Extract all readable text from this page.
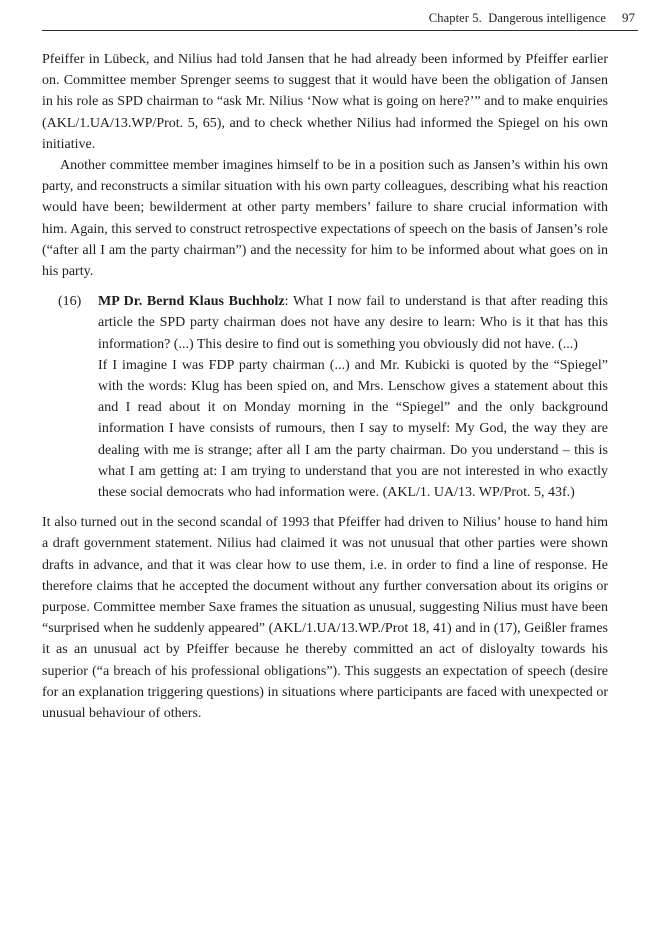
Chapter 5. Dangerous intelligence 97

Pfeiffer in Lübeck, and Nilius had told Jansen that he had already been informed by Pfeiffer earlier on. Committee member Sprenger seems to suggest that it would have been the obligation of Jansen in his role as SPD chairman to “ask Mr. Nilius ‘Now what is going on here?’” and to make enquiries (AKL/1.UA/13.WP/Prot. 5, 65), and to check whether Nilius had informed the Spiegel on his own initiative.

Another committee member imagines himself to be in a position such as Jansen’s within his own party, and reconstructs a similar situation with his own party colleagues, describing what his reaction would have been; bewilderment at other party members’ failure to share crucial information with him. Again, this served to construct retrospective expectations of speech on the basis of Jansen’s role (“after all I am the party chairman”) and the necessity for him to be informed about what goes on in his party.

(16)	MP Dr. Bernd Klaus Buchholz: What I now fail to understand is that after reading this article the SPD party chairman does not have any desire to learn: Who is it that has this information? (...) This desire to find out is something you obviously did not have. (...)

If I imagine I was FDP party chairman (...) and Mr. Kubicki is quoted by the “Spiegel” with the words: Klug has been spied on, and Mrs. Lenschow gives a statement about this and I read about it on Monday morning in the “Spiegel” and the only background information I have consists of rumours, then I say to myself: My God, the way they are dealing with me is strange; after all I am the party chairman. Do you understand – this is what I am getting at: I am trying to understand that you are not interested in who exactly these social democrats who had information were. (AKL/1. UA/13. WP/Prot. 5, 43f.)

It also turned out in the second scandal of 1993 that Pfeiffer had driven to Nilius’ house to hand him a draft government statement. Nilius had claimed it was not unusual that other parties were shown drafts in advance, and that it was clear how to use them, i.e. in order to find a line of response. He therefore claims that he accepted the document without any further conversation about its origins or purpose. Committee member Saxe frames the situation as unusual, suggesting Nilius must have been “surprised when he suddenly appeared” (AKL/1.UA/13.WP./Prot 18, 41) and in (17), Geißler frames it as an unusual act by Pfeiffer because he thereby committed an act of disloyalty towards his superior (“a breach of his professional obligations”). This suggests an expectation of speech (desire for an explanation triggering questions) in situations where participants are faced with unexpected or unusual behaviour of others.
